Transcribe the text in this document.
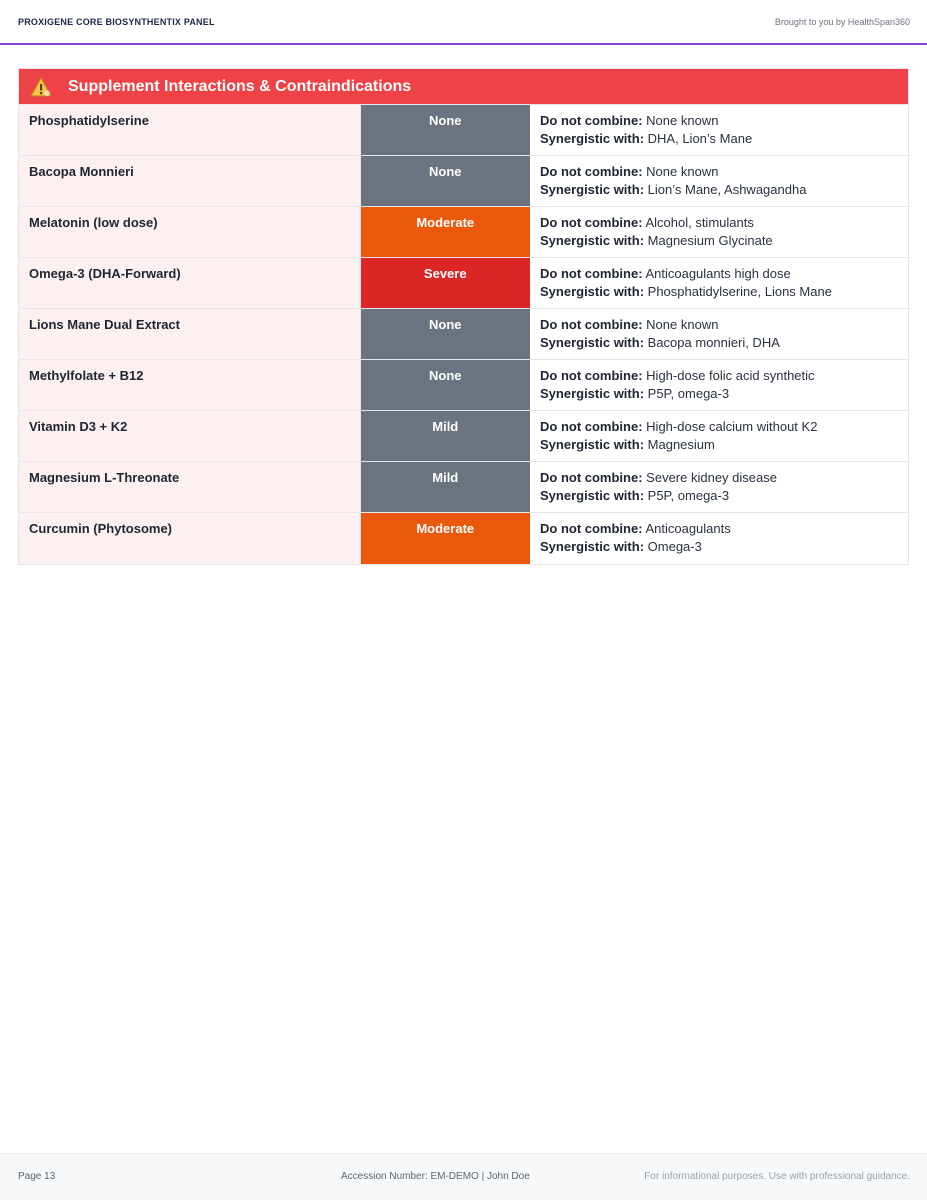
PROXIGENE CORE BIOSYNTHENTIX PANEL	Brought to you by HealthSpan360
Supplement Interactions & Contraindications
Phosphatidylserine	None	Do not combine: None known
Synergistic with: DHA, Lion’s Mane

Bacopa Monnieri	None	Do not combine: None known
Synergistic with: Lion’s Mane, Ashwagandha

Melatonin (low dose)	Moderate	Do not combine: Alcohol, stimulants
Synergistic with: Magnesium Glycinate

Omega-3 (DHA-Forward)	Severe	Do not combine: Anticoagulants high dose
Synergistic with: Phosphatidylserine, Lions Mane

Lions Mane Dual Extract	None	Do not combine: None known
Synergistic with: Bacopa monnieri, DHA

Methylfolate + B12	None	Do not combine: High-dose folic acid synthetic
Synergistic with: P5P, omega-3

Vitamin D3 + K2	Mild	Do not combine: High-dose calcium without K2
Synergistic with: Magnesium

Magnesium L-Threonate	Mild	Do not combine: Severe kidney disease
Synergistic with: P5P, omega-3

Curcumin (Phytosome)	Moderate	Do not combine: Anticoagulants
Synergistic with: Omega-3
Page 13	Accession Number: EM-DEMO | John Doe	For informational purposes. Use with professional guidance.
